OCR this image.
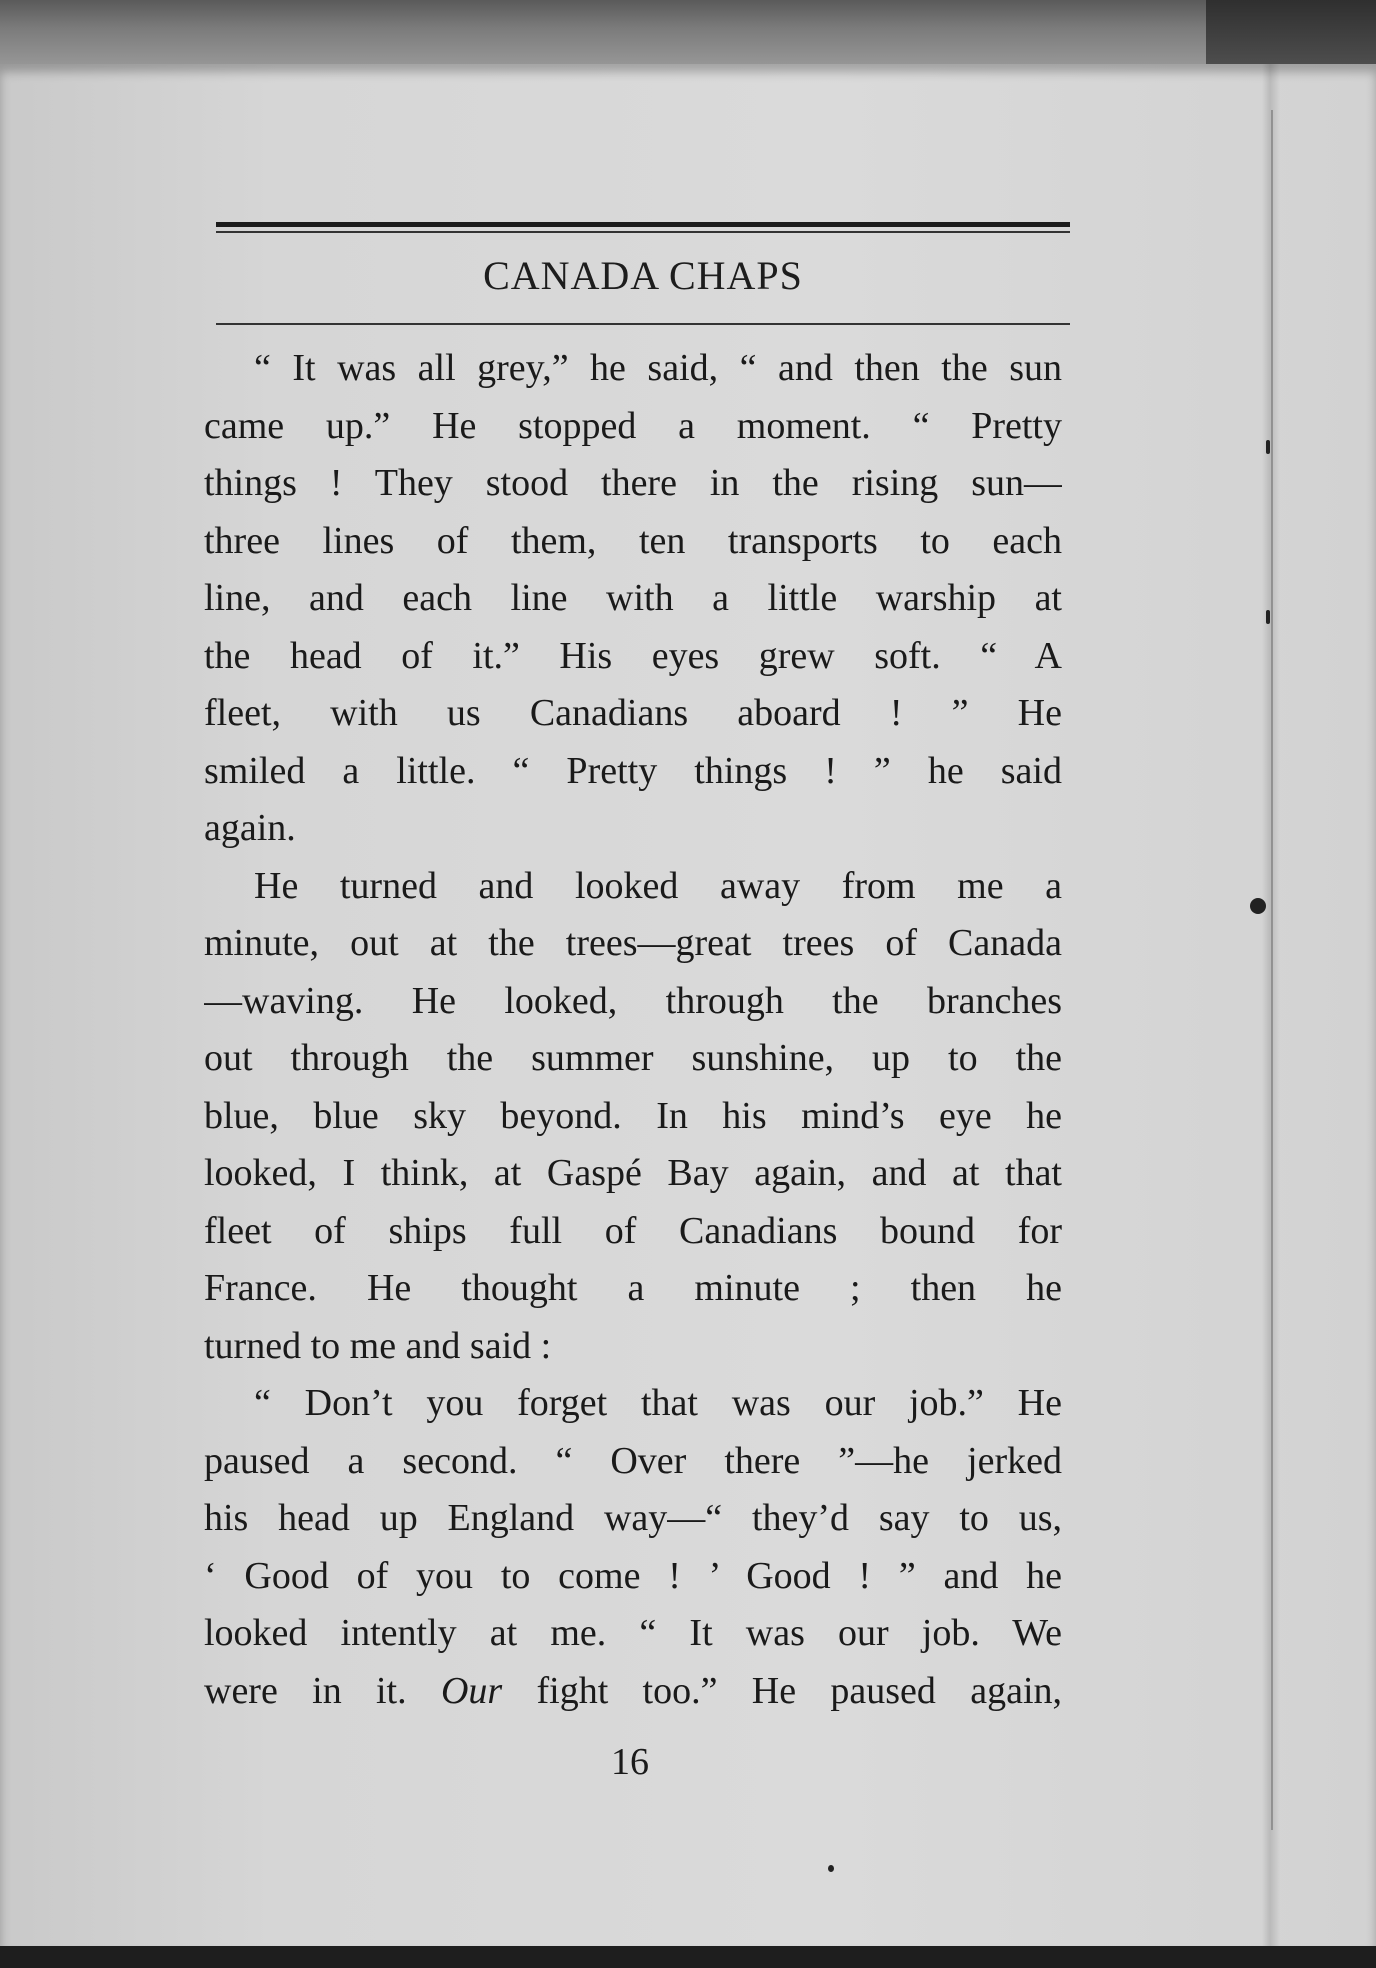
CANADA CHAPS
“ It was all grey,” he said, “ and then the sun
came up.” He stopped a moment. “ Pretty
things ! They stood there in the rising sun—
three lines of them, ten transports to each
line, and each line with a little warship at
the head of it.” His eyes grew soft. “ A
fleet, with us Canadians aboard ! ” He
smiled a little. “ Pretty things ! ” he said
again.
He turned and looked away from me a
minute, out at the trees—great trees of Canada
—waving. He looked, through the branches
out through the summer sunshine, up to the
blue, blue sky beyond. In his mind’s eye he
looked, I think, at Gaspé Bay again, and at that
fleet of ships full of Canadians bound for
France. He thought a minute ; then he
turned to me and said :
“ Don’t you forget that was our job.” He
paused a second. “ Over there ”—he jerked
his head up England way—“ they’d say to us,
‘ Good of you to come ! ’ Good ! ” and he
looked intently at me. “ It was our job. We
were in it. Our fight too.” He paused again,
16
